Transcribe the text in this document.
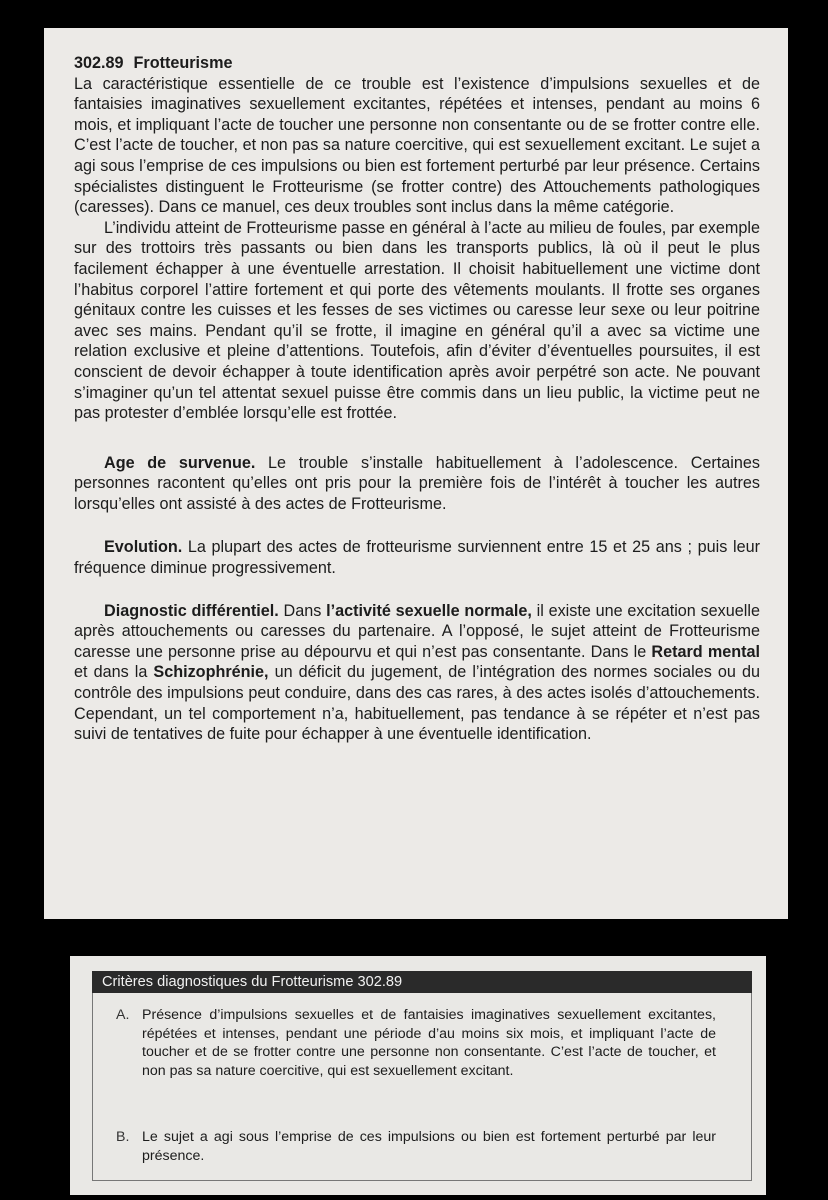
302.89 Frotteurisme

La caractéristique essentielle de ce trouble est l’existence d’impulsions sexuelles et de fantaisies imaginatives sexuellement excitantes, répétées et intenses, pendant au moins 6 mois, et impliquant l’acte de toucher une personne non consentante ou de se frotter contre elle. C’est l’acte de toucher, et non pas sa nature coercitive, qui est sexuellement excitant. Le sujet a agi sous l’emprise de ces impulsions ou bien est fortement perturbé par leur présence. Certains spécialistes distinguent le Frotteurisme (se frotter contre) des Attouchements pathologiques (caresses). Dans ce manuel, ces deux troubles sont inclus dans la même catégorie.

L’individu atteint de Frotteurisme passe en général à l’acte au milieu de foules, par exemple sur des trottoirs très passants ou bien dans les transports publics, là où il peut le plus facilement échapper à une éventuelle arrestation. Il choisit habituellement une victime dont l’habitus corporel l’attire fortement et qui porte des vêtements moulants. Il frotte ses organes génitaux contre les cuisses et les fesses de ses victimes ou caresse leur sexe ou leur poitrine avec ses mains. Pendant qu’il se frotte, il imagine en général qu’il a avec sa victime une relation exclusive et pleine d’attentions. Toutefois, afin d’éviter d’éventuelles poursuites, il est conscient de devoir échapper à toute identification après avoir perpétré son acte. Ne pouvant s’imaginer qu’un tel attentat sexuel puisse être commis dans un lieu public, la victime peut ne pas protester d’emblée lorsqu’elle est frottée.

Age de survenue. Le trouble s’installe habituellement à l’adolescence. Certaines personnes racontent qu’elles ont pris pour la première fois de l’intérêt à toucher les autres lorsqu’elles ont assisté à des actes de Frotteurisme.

Evolution. La plupart des actes de frotteurisme surviennent entre 15 et 25 ans ; puis leur fréquence diminue progressivement.

Diagnostic différentiel. Dans l’activité sexuelle normale, il existe une excitation sexuelle après attouchements ou caresses du partenaire. A l’opposé, le sujet atteint de Frotteurisme caresse une personne prise au dépourvu et qui n’est pas consentante. Dans le Retard mental et dans la Schizophrénie, un déficit du jugement, de l’intégration des normes sociales ou du contrôle des impulsions peut conduire, dans des cas rares, à des actes isolés d’attouchements. Cependant, un tel comportement n’a, habituellement, pas tendance à se répéter et n’est pas suivi de tentatives de fuite pour échapper à une éventuelle identification.

Critères diagnostiques du Frotteurisme 302.89
A. Présence d’impulsions sexuelles et de fantaisies imaginatives sexuellement excitantes, répétées et intenses, pendant une période d’au moins six mois, et impliquant l’acte de toucher et de se frotter contre une personne non consentante. C’est l’acte de toucher, et non pas sa nature coercitive, qui est sexuellement excitant.
B. Le sujet a agi sous l’emprise de ces impulsions ou bien est fortement perturbé par leur présence.
